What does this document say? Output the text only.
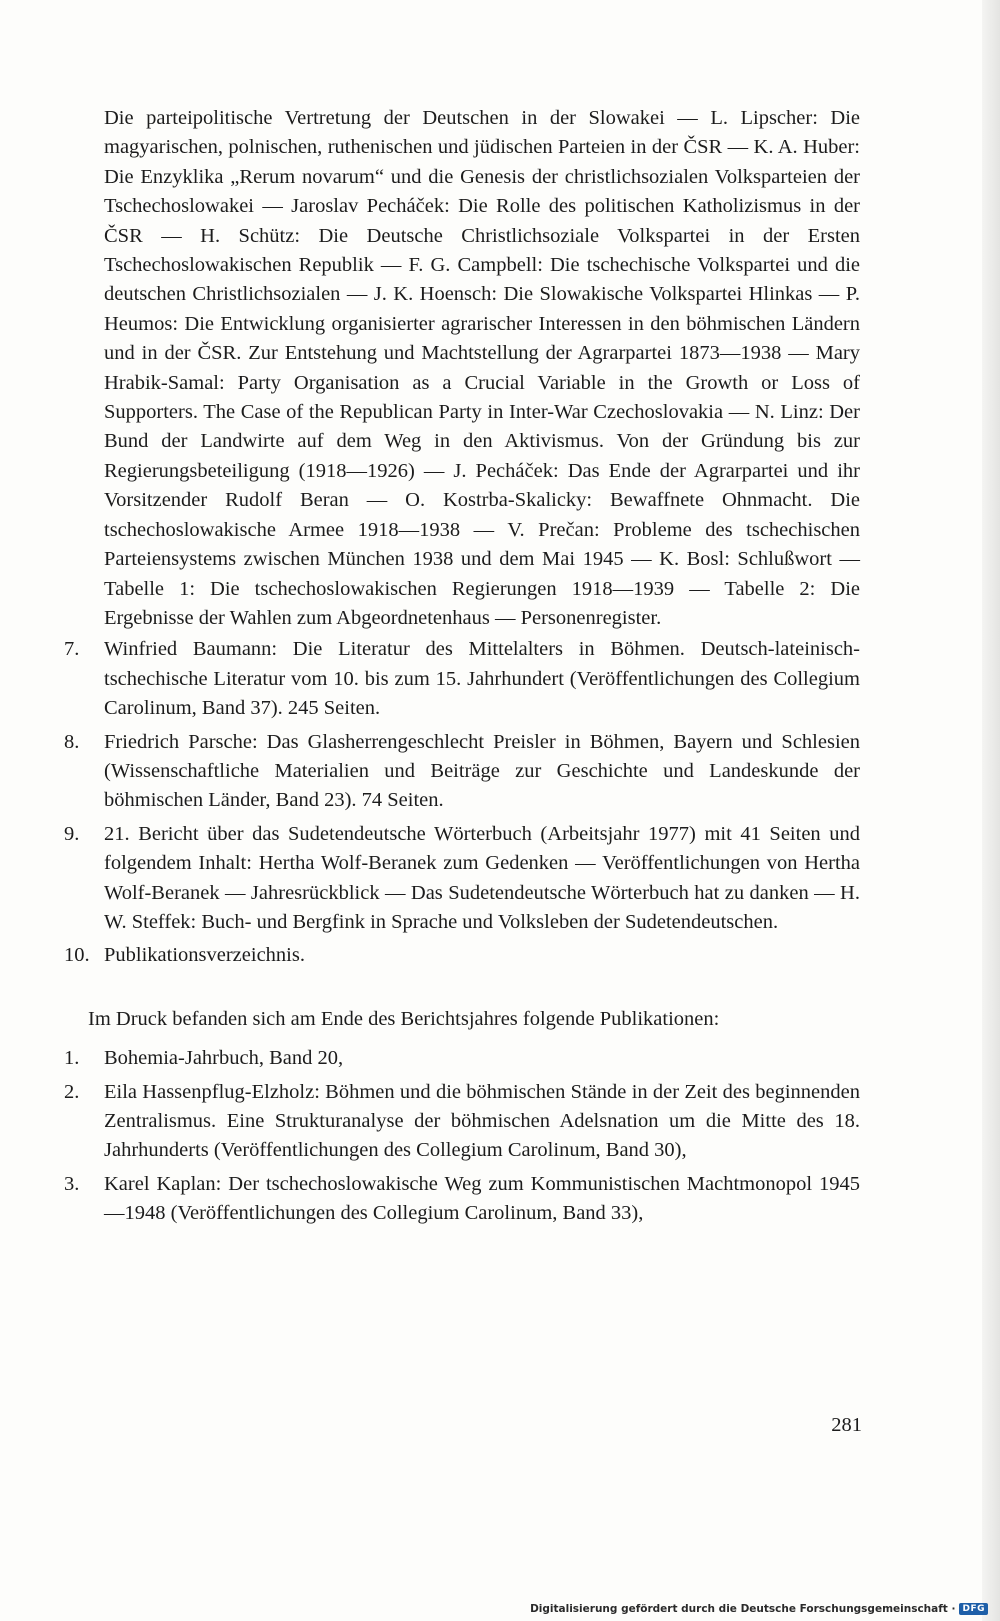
Die parteipolitische Vertretung der Deutschen in der Slowakei — L. Lipscher: Die magyarischen, polnischen, ruthenischen und jüdischen Parteien in der ČSR — K. A. Huber: Die Enzyklika „Rerum novarum“ und die Genesis der christlichsozialen Volksparteien der Tschechoslowakei — Jaroslav Pecháček: Die Rolle des politischen Katholizismus in der ČSR — H. Schütz: Die Deutsche Christlichsoziale Volkspartei in der Ersten Tschechoslowakischen Republik — F. G. Campbell: Die tschechische Volkspartei und die deutschen Christlichsozialen — J. K. Hoensch: Die Slowakische Volkspartei Hlinkas — P. Heumos: Die Entwicklung organisierter agrarischer Interessen in den böhmischen Ländern und in der ČSR. Zur Entstehung und Machtstellung der Agrarpartei 1873—1938 — Mary Hrabik-Samal: Party Organisation as a Crucial Variable in the Growth or Loss of Supporters. The Case of the Republican Party in Inter-War Czechoslovakia — N. Linz: Der Bund der Landwirte auf dem Weg in den Aktivismus. Von der Gründung bis zur Regierungsbeteiligung (1918—1926) — J. Pecháček: Das Ende der Agrarpartei und ihr Vorsitzender Rudolf Beran — O. Kostrba-Skalicky: Bewaffnete Ohnmacht. Die tschechoslowakische Armee 1918—1938 — V. Prečan: Probleme des tschechischen Parteiensystems zwischen München 1938 und dem Mai 1945 — K. Bosl: Schlußwort — Tabelle 1: Die tschechoslowakischen Regierungen 1918—1939 — Tabelle 2: Die Ergebnisse der Wahlen zum Abgeordnetenhaus — Personenregister.

7.	Winfried Baumann: Die Literatur des Mittelalters in Böhmen. Deutsch-lateinisch-tschechische Literatur vom 10. bis zum 15. Jahrhundert (Veröffentlichungen des Collegium Carolinum, Band 37). 245 Seiten.
8.	Friedrich Parsche: Das Glasherrengeschlecht Preisler in Böhmen, Bayern und Schlesien (Wissenschaftliche Materialien und Beiträge zur Geschichte und Landeskunde der böhmischen Länder, Band 23). 74 Seiten.
9.	21. Bericht über das Sudetendeutsche Wörterbuch (Arbeitsjahr 1977) mit 41 Seiten und folgendem Inhalt: Hertha Wolf-Beranek zum Gedenken — Veröffentlichungen von Hertha Wolf-Beranek — Jahresrückblick — Das Sudetendeutsche Wörterbuch hat zu danken — H. W. Steffek: Buch- und Bergfink in Sprache und Volksleben der Sudetendeutschen.
10. Publikationsverzeichnis.

Im Druck befanden sich am Ende des Berichtsjahres folgende Publikationen:

1.	Bohemia-Jahrbuch, Band 20,
2.	Eila Hassenpflug-Elzholz: Böhmen und die böhmischen Stände in der Zeit des beginnenden Zentralismus. Eine Strukturanalyse der böhmischen Adelsnation um die Mitte des 18. Jahrhunderts (Veröffentlichungen des Collegium Carolinum, Band 30),
3.	Karel Kaplan: Der tschechoslowakische Weg zum Kommunistischen Machtmonopol 1945—1948 (Veröffentlichungen des Collegium Carolinum, Band 33),
281
Digitalisierung gefördert durch die Deutsche Forschungsgemeinschaft · DFG
